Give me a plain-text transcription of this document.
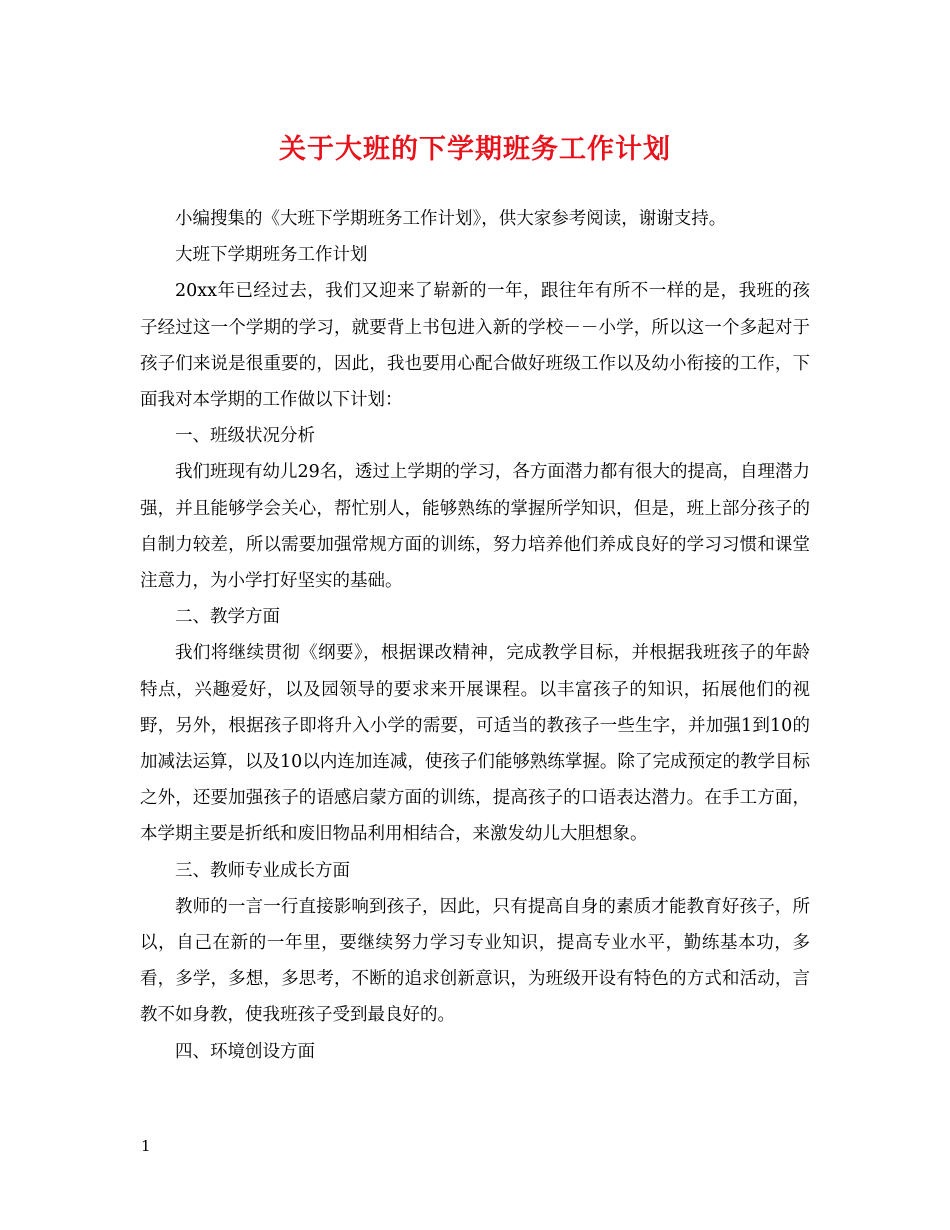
关于大班的下学期班务工作计划

小编搜集的《大班下学期班务工作计划》，供大家参考阅读，谢谢支持。

大班下学期班务工作计划

20xx年已经过去，我们又迎来了崭新的一年，跟往年有所不一样的是，我班的孩子经过这一个学期的学习，就要背上书包进入新的学校－－小学，所以这一个多起对于孩子们来说是很重要的，因此，我也要用心配合做好班级工作以及幼小衔接的工作，下面我对本学期的工作做以下计划：

一、班级状况分析

我们班现有幼儿29名，透过上学期的学习，各方面潜力都有很大的提高，自理潜力强，并且能够学会关心，帮忙别人，能够熟练的掌握所学知识，但是，班上部分孩子的自制力较差，所以需要加强常规方面的训练，努力培养他们养成良好的学习习惯和课堂注意力，为小学打好坚实的基础。

二、教学方面

我们将继续贯彻《纲要》，根据课改精神，完成教学目标，并根据我班孩子的年龄特点，兴趣爱好，以及园领导的要求来开展课程。以丰富孩子的知识，拓展他们的视野，另外，根据孩子即将升入小学的需要，可适当的教孩子一些生字，并加强1到10的加减法运算，以及10以内连加连减，使孩子们能够熟练掌握。除了完成预定的教学目标之外，还要加强孩子的语感启蒙方面的训练，提高孩子的口语表达潜力。在手工方面，本学期主要是折纸和废旧物品利用相结合，来激发幼儿大胆想象。

三、教师专业成长方面

教师的一言一行直接影响到孩子，因此，只有提高自身的素质才能教育好孩子，所以，自己在新的一年里，要继续努力学习专业知识，提高专业水平，勤练基本功，多看，多学，多想，多思考，不断的追求创新意识，为班级开设有特色的方式和活动，言教不如身教，使我班孩子受到最良好的。

四、环境创设方面

1
